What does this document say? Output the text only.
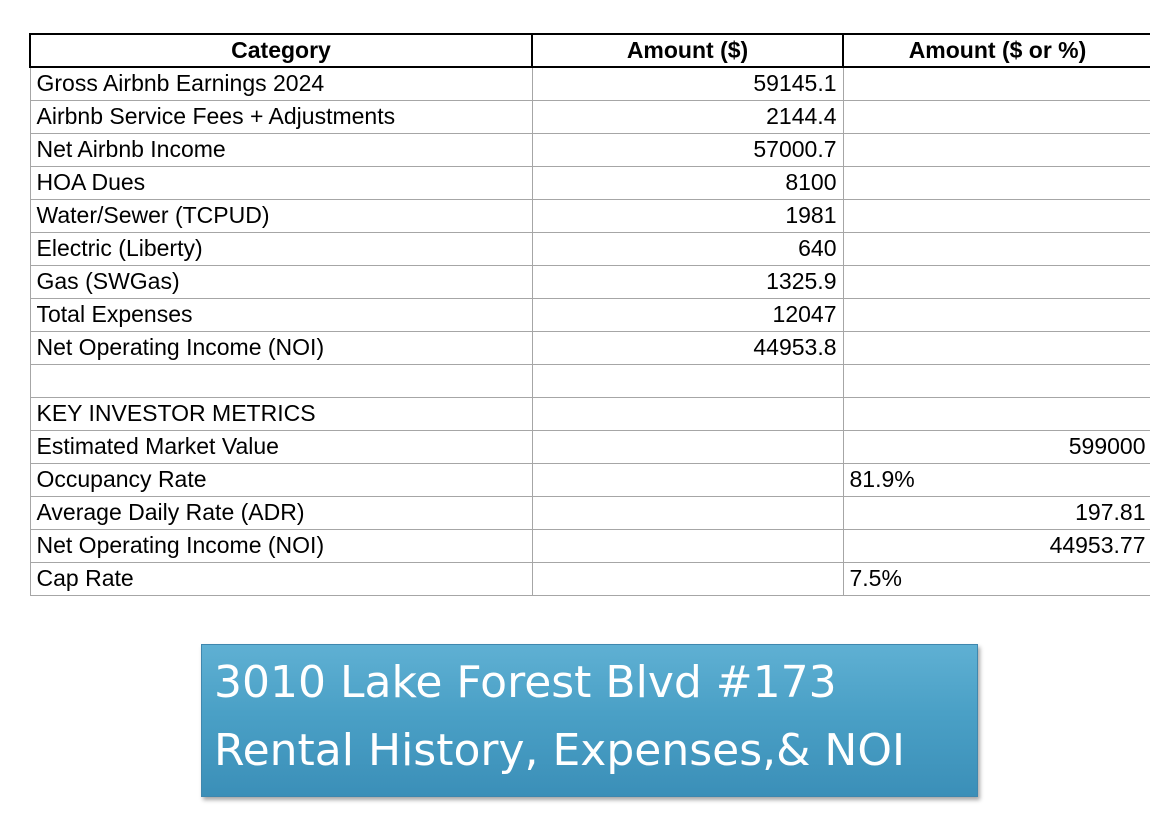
Category	Amount ($)	Amount ($ or %)
Gross Airbnb Earnings 2024	59145.1	
Airbnb Service Fees + Adjustments	2144.4	
Net Airbnb Income	57000.7	
HOA Dues	8100	
Water/Sewer (TCPUD)	1981	
Electric (Liberty)	640	
Gas (SWGas)	1325.9	
Total Expenses	12047	
Net Operating Income (NOI)	44953.8	

KEY INVESTOR METRICS		
Estimated Market Value		599000
Occupancy Rate		81.9%
Average Daily Rate (ADR)		197.81
Net Operating Income (NOI)		44953.77
Cap Rate		7.5%
3010 Lake Forest Blvd #173
Rental History, Expenses,& NOI
